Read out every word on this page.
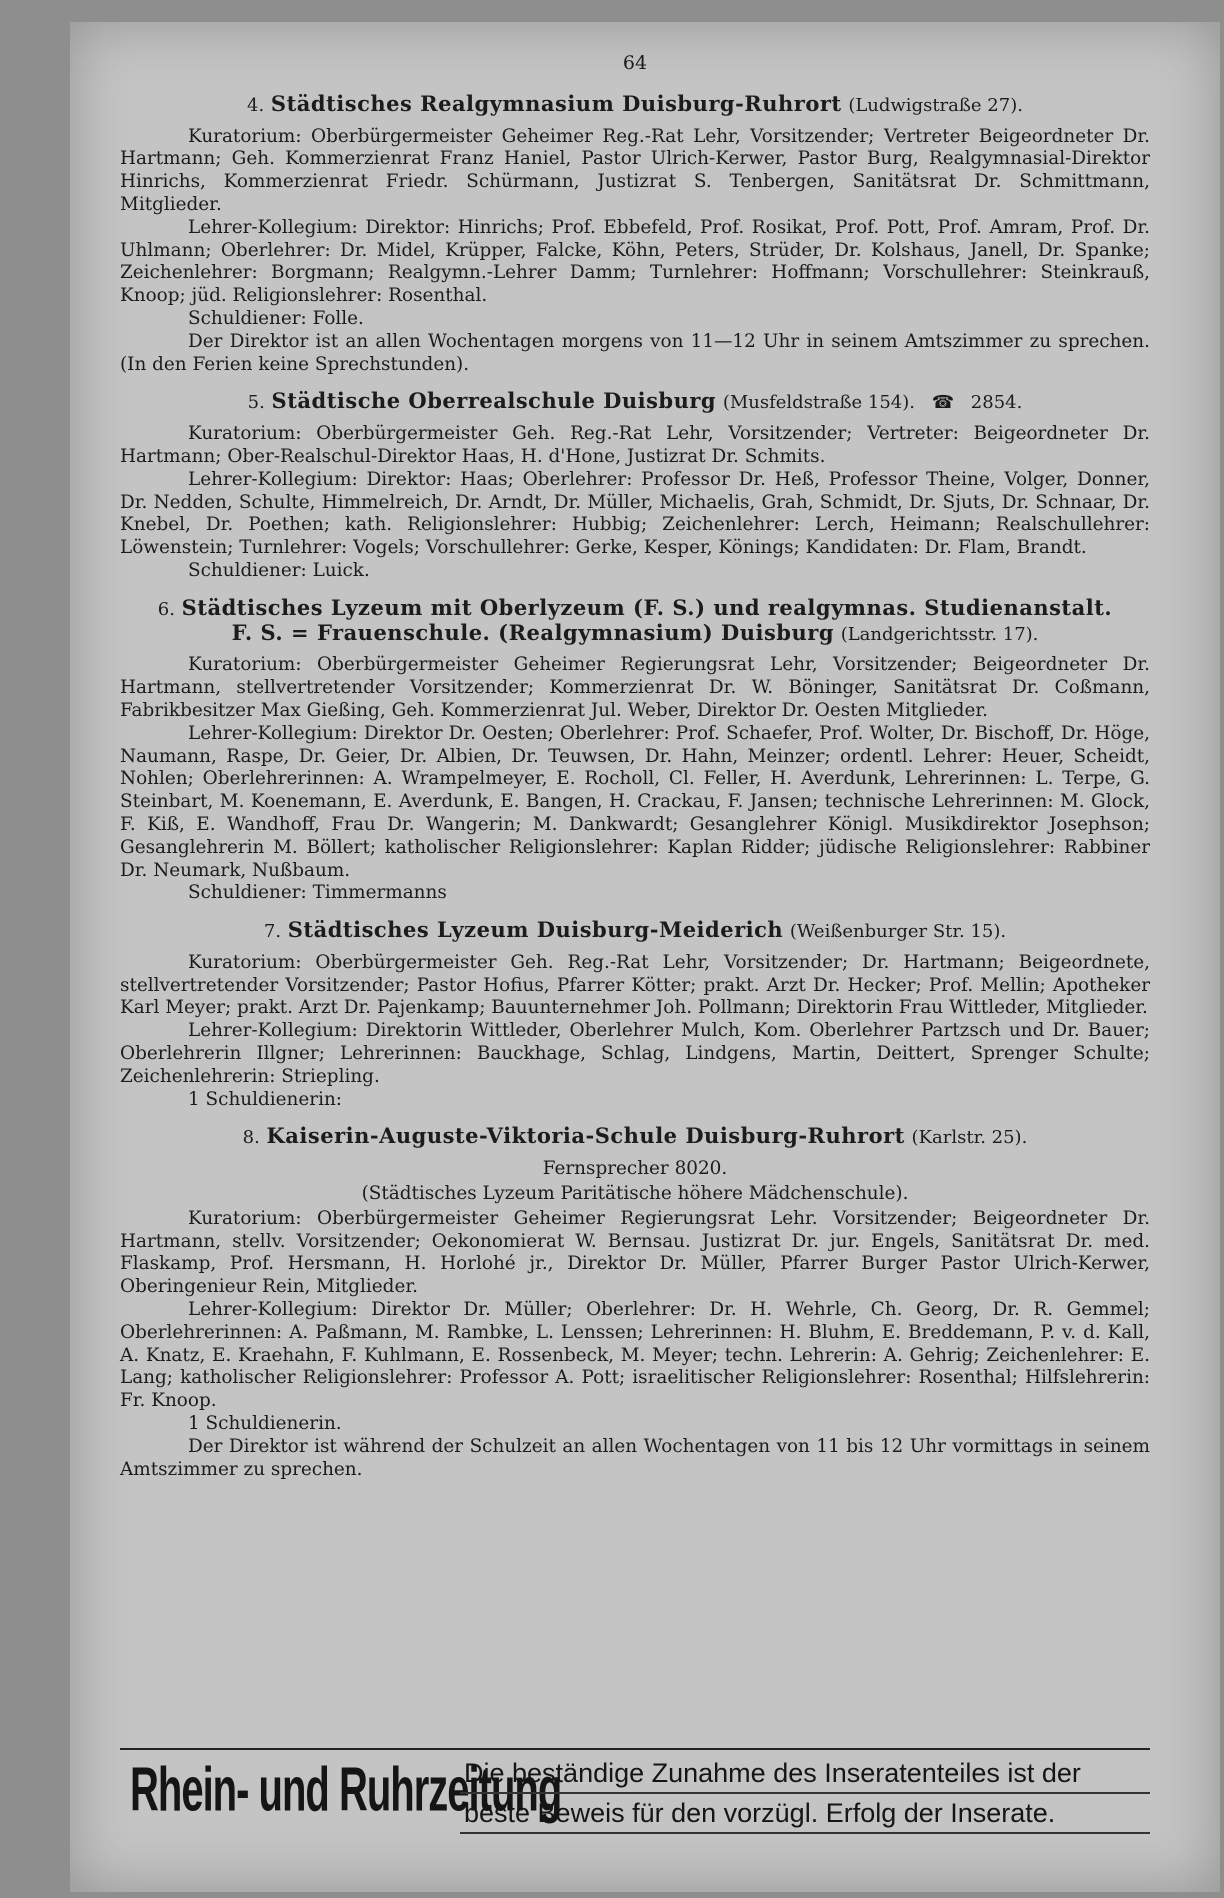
64
4. Städtisches Realgymnasium Duisburg-Ruhrort (Ludwigstraße 27).

Kuratorium: Oberbürgermeister Geheimer Reg.-Rat Lehr, Vorsitzender; Vertreter Beigeordneter Dr. Hartmann; Geh. Kommerzienrat Franz Haniel, Pastor Ulrich-Kerwer, Pastor Burg, Realgymnasial-Direktor Hinrichs, Kommerzienrat Friedr. Schürmann, Justizrat S. Tenbergen, Sanitätsrat Dr. Schmittmann, Mitglieder.

Lehrer-Kollegium: Direktor: Hinrichs; Prof. Ebbefeld, Prof. Rosikat, Prof. Pott, Prof. Amram, Prof. Dr. Uhlmann; Oberlehrer: Dr. Midel, Krüpper, Falcke, Köhn, Peters, Strüder, Dr. Kolshaus, Janell, Dr. Spanke; Zeichenlehrer: Borgmann; Realgymn.-Lehrer Damm; Turnlehrer: Hoffmann; Vorschullehrer: Steinkrauß, Knoop; jüd. Religionslehrer: Rosenthal.

Schuldiener: Folle.

Der Direktor ist an allen Wochentagen morgens von 11—12 Uhr in seinem Amtszimmer zu sprechen. (In den Ferien keine Sprechstunden).

5. Städtische Oberrealschule Duisburg (Musfeldstraße 154). ☎ 2854.

Kuratorium: Oberbürgermeister Geh. Reg.-Rat Lehr, Vorsitzender; Vertreter: Beigeordneter Dr. Hartmann; Ober-Realschul-Direktor Haas, H. d'Hone, Justizrat Dr. Schmits.

Lehrer-Kollegium: Direktor: Haas; Oberlehrer: Professor Dr. Heß, Professor Theine, Volger, Donner, Dr. Nedden, Schulte, Himmelreich, Dr. Arndt, Dr. Müller, Michaelis, Grah, Schmidt, Dr. Sjuts, Dr. Schnaar, Dr. Knebel, Dr. Poethen; kath. Religionslehrer: Hubbig; Zeichenlehrer: Lerch, Heimann; Realschullehrer: Löwenstein; Turnlehrer: Vogels; Vorschullehrer: Gerke, Kesper, Könings; Kandidaten: Dr. Flam, Brandt.

Schuldiener: Luick.

6. Städtisches Lyzeum mit Oberlyzeum (F. S.) und realgymnas. Studienanstalt.
F. S. = Frauenschule. (Realgymnasium) Duisburg (Landgerichtsstr. 17).

Kuratorium: Oberbürgermeister Geheimer Regierungsrat Lehr, Vorsitzender; Beigeordneter Dr. Hartmann, stellvertretender Vorsitzender; Kommerzienrat Dr. W. Böninger, Sanitätsrat Dr. Coßmann, Fabrikbesitzer Max Gießing, Geh. Kommerzienrat Jul. Weber, Direktor Dr. Oesten Mitglieder.

Lehrer-Kollegium: Direktor Dr. Oesten; Oberlehrer: Prof. Schaefer, Prof. Wolter, Dr. Bischoff, Dr. Höge, Naumann, Raspe, Dr. Geier, Dr. Albien, Dr. Teuwsen, Dr. Hahn, Meinzer; ordentl. Lehrer: Heuer, Scheidt, Nohlen; Oberlehrerinnen: A. Wrampelmeyer, E. Rocholl, Cl. Feller, H. Averdunk, Lehrerinnen: L. Terpe, G. Steinbart, M. Koenemann, E. Averdunk, E. Bangen, H. Crackau, F. Jansen; technische Lehrerinnen: M. Glock, F. Kiß, E. Wandhoff, Frau Dr. Wangerin; M. Dankwardt; Gesanglehrer Königl. Musikdirektor Josephson; Gesanglehrerin M. Böllert; katholischer Religionslehrer: Kaplan Ridder; jüdische Religionslehrer: Rabbiner Dr. Neumark, Nußbaum.

Schuldiener: Timmermanns

7. Städtisches Lyzeum Duisburg-Meiderich (Weißenburger Str. 15).

Kuratorium: Oberbürgermeister Geh. Reg.-Rat Lehr, Vorsitzender; Dr. Hartmann; Beigeordnete, stellvertretender Vorsitzender; Pastor Hofius, Pfarrer Kötter; prakt. Arzt Dr. Hecker; Prof. Mellin; Apotheker Karl Meyer; prakt. Arzt Dr. Pajenkamp; Bauunternehmer Joh. Pollmann; Direktorin Frau Wittleder, Mitglieder.

Lehrer-Kollegium: Direktorin Wittleder, Oberlehrer Mulch, Kom. Oberlehrer Partzsch und Dr. Bauer; Oberlehrerin Illgner; Lehrerinnen: Bauckhage, Schlag, Lindgens, Martin, Deittert, Sprenger Schulte; Zeichenlehrerin: Striepling.

1 Schuldienerin:

8. Kaiserin-Auguste-Viktoria-Schule Duisburg-Ruhrort (Karlstr. 25).
Fernsprecher 8020.
(Städtisches Lyzeum Paritätische höhere Mädchenschule).

Kuratorium: Oberbürgermeister Geheimer Regierungsrat Lehr. Vorsitzender; Beigeordneter Dr. Hartmann, stellv. Vorsitzender; Oekonomierat W. Bernsau. Justizrat Dr. jur. Engels, Sanitätsrat Dr. med. Flaskamp, Prof. Hersmann, H. Horlohé jr., Direktor Dr. Müller, Pfarrer Burger Pastor Ulrich-Kerwer, Oberingenieur Rein, Mitglieder.

Lehrer-Kollegium: Direktor Dr. Müller; Oberlehrer: Dr. H. Wehrle, Ch. Georg, Dr. R. Gemmel; Oberlehrerinnen: A. Paßmann, M. Rambke, L. Lenssen; Lehrerinnen: H. Bluhm, E. Breddemann, P. v. d. Kall, A. Knatz, E. Kraehahn, F. Kuhlmann, E. Rossenbeck, M. Meyer; techn. Lehrerin: A. Gehrig; Zeichenlehrer: E. Lang; katholischer Religionslehrer: Professor A. Pott; israelitischer Religionslehrer: Rosenthal; Hilfslehrerin: Fr. Knoop.

1 Schuldienerin.

Der Direktor ist während der Schulzeit an allen Wochentagen von 11 bis 12 Uhr vormittags in seinem Amtszimmer zu sprechen.

Rhein- und Ruhrzeitung
Die beständige Zunahme des Inseratenteiles ist der
beste Beweis für den vorzügl. Erfolg der Inserate.
